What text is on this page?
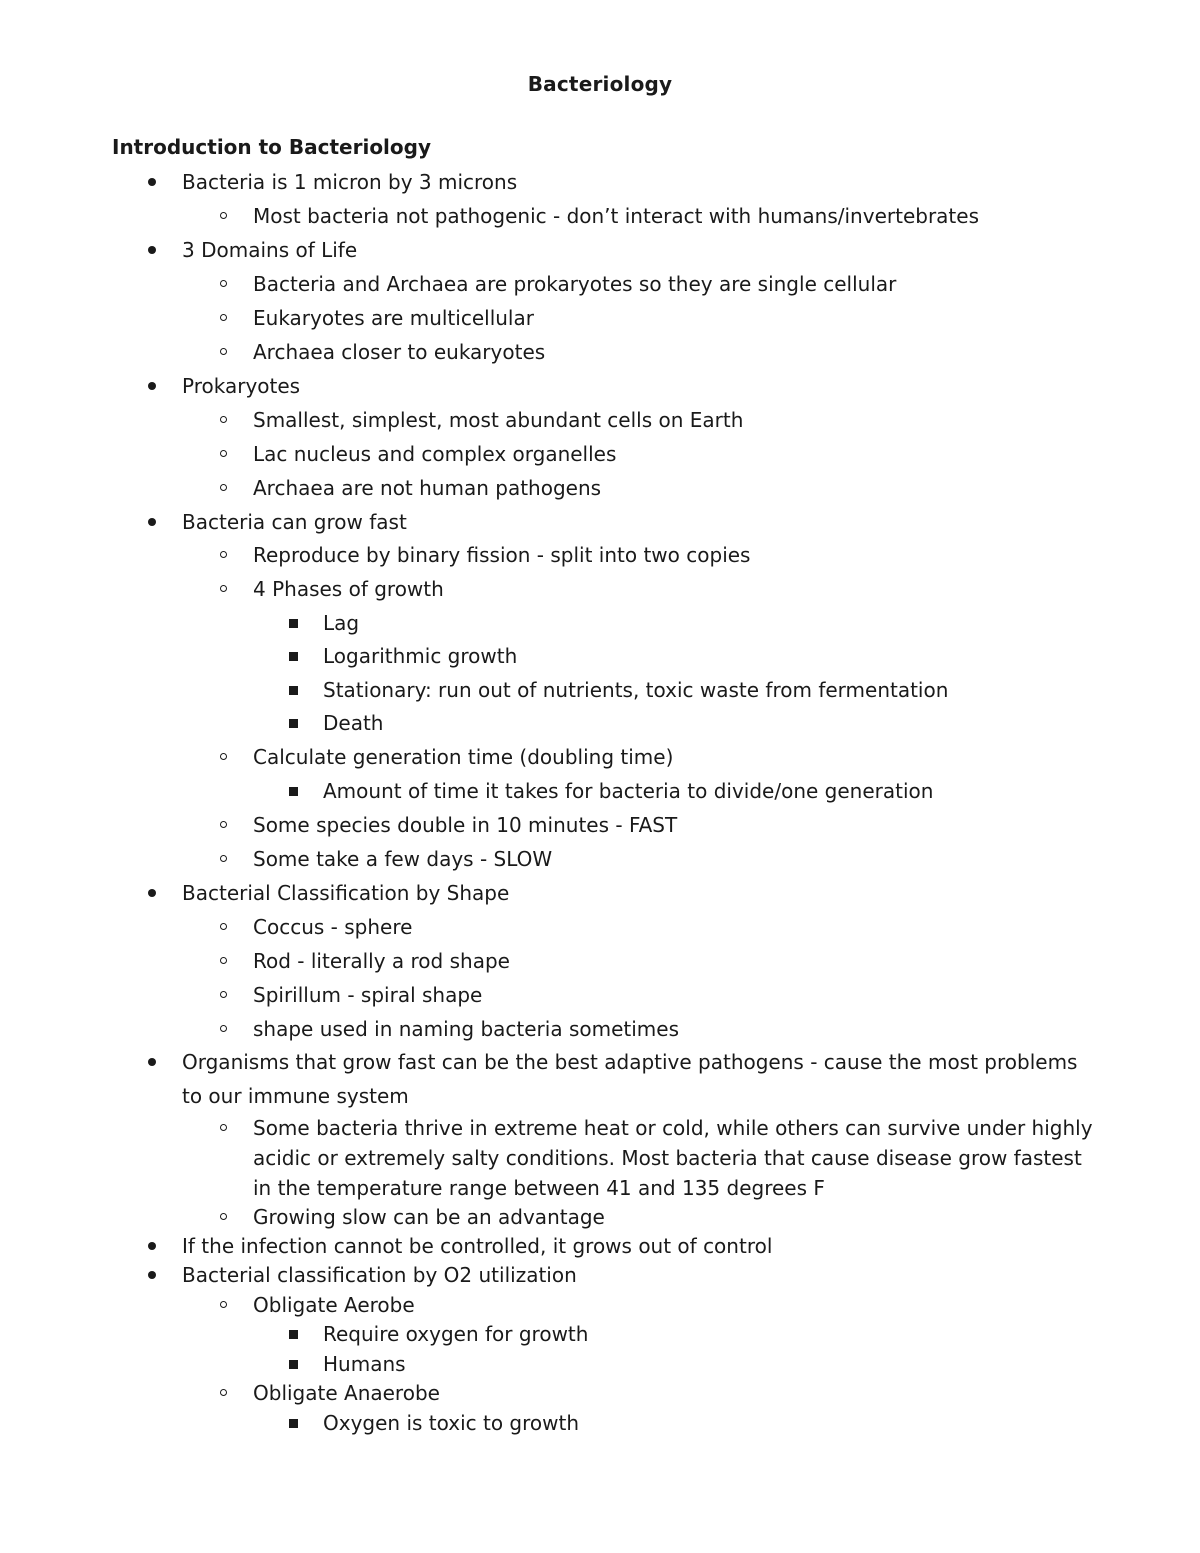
Bacteriology
Introduction to Bacteriology
Bacteria is 1 micron by 3 microns
Most bacteria not pathogenic - don’t interact with humans/invertebrates
3 Domains of Life
Bacteria and Archaea are prokaryotes so they are single cellular
Eukaryotes are multicellular
Archaea closer to eukaryotes
Prokaryotes
Smallest, simplest, most abundant cells on Earth
Lac nucleus and complex organelles
Archaea are not human pathogens
Bacteria can grow fast
Reproduce by binary fission - split into two copies
4 Phases of growth
Lag
Logarithmic growth
Stationary: run out of nutrients, toxic waste from fermentation
Death
Calculate generation time (doubling time)
Amount of time it takes for bacteria to divide/one generation
Some species double in 10 minutes - FAST
Some take a few days - SLOW
Bacterial Classification by Shape
Coccus - sphere
Rod - literally a rod shape
Spirillum - spiral shape
shape used in naming bacteria sometimes
Organisms that grow fast can be the best adaptive pathogens - cause the most problems to our immune system
Some bacteria thrive in extreme heat or cold, while others can survive under highly acidic or extremely salty conditions. Most bacteria that cause disease grow fastest in the temperature range between 41 and 135 degrees F
Growing slow can be an advantage
If the infection cannot be controlled, it grows out of control
Bacterial classification by O2 utilization
Obligate Aerobe
Require oxygen for growth
Humans
Obligate Anaerobe
Oxygen is toxic to growth
